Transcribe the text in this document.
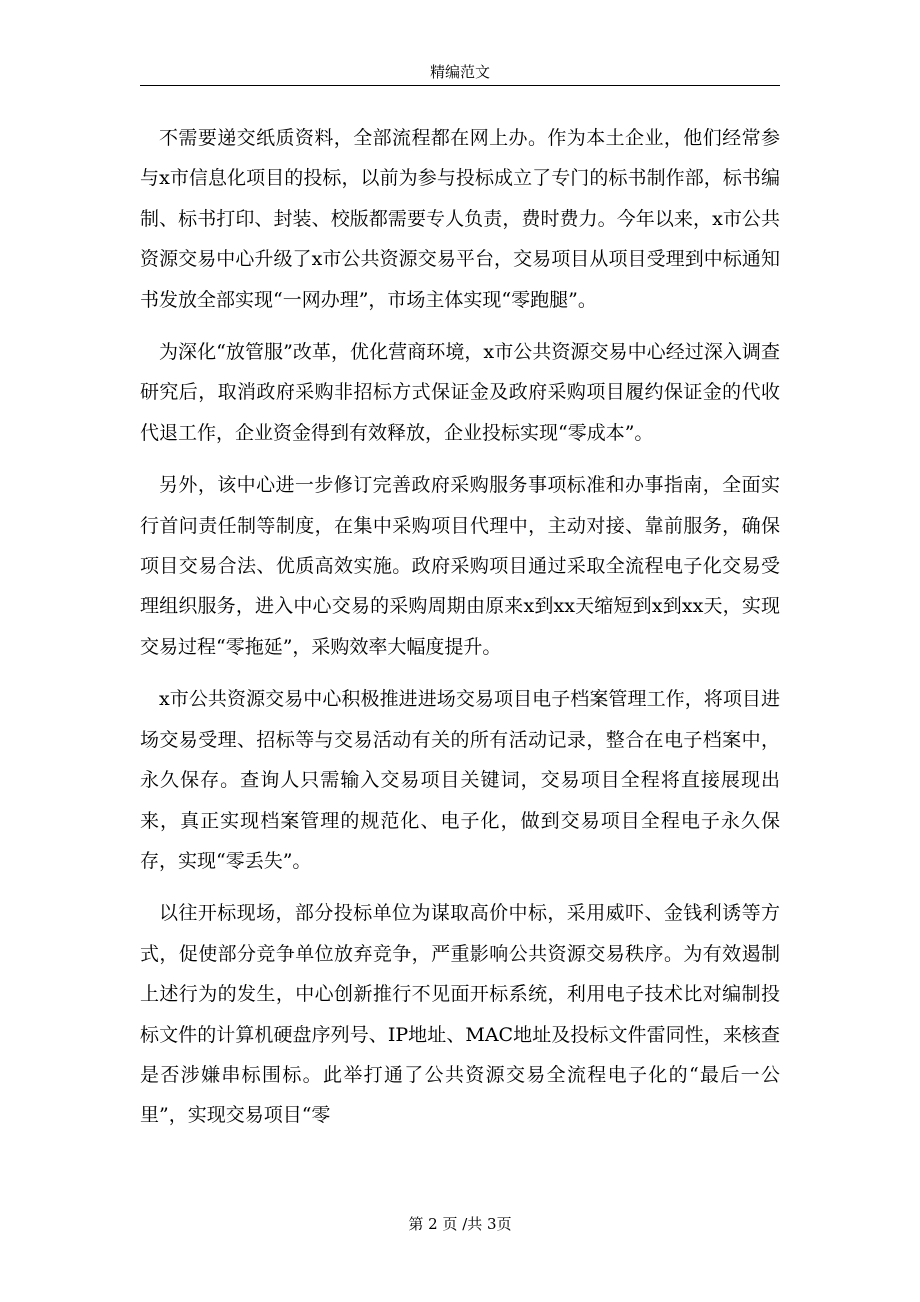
精编范文

不需要递交纸质资料，全部流程都在网上办。作为本土企业，他们经常参与x市信息化项目的投标，以前为参与投标成立了专门的标书制作部，标书编制、标书打印、封装、校版都需要专人负责，费时费力。今年以来，x市公共资源交易中心升级了x市公共资源交易平台，交易项目从项目受理到中标通知书发放全部实现“一网办理”，市场主体实现“零跑腿”。

为深化“放管服”改革，优化营商环境，x市公共资源交易中心经过深入调查研究后，取消政府采购非招标方式保证金及政府采购项目履约保证金的代收代退工作，企业资金得到有效释放，企业投标实现“零成本”。

另外，该中心进一步修订完善政府采购服务事项标准和办事指南，全面实行首问责任制等制度，在集中采购项目代理中，主动对接、靠前服务，确保项目交易合法、优质高效实施。政府采购项目通过采取全流程电子化交易受理组织服务，进入中心交易的采购周期由原来x到xx天缩短到x到xx天，实现交易过程“零拖延”，采购效率大幅度提升。

x市公共资源交易中心积极推进进场交易项目电子档案管理工作，将项目进场交易受理、招标等与交易活动有关的所有活动记录，整合在电子档案中，永久保存。查询人只需输入交易项目关键词，交易项目全程将直接展现出来，真正实现档案管理的规范化、电子化，做到交易项目全程电子永久保存，实现“零丢失”。

以往开标现场，部分投标单位为谋取高价中标，采用威吓、金钱利诱等方式，促使部分竞争单位放弃竞争，严重影响公共资源交易秩序。为有效遏制上述行为的发生，中心创新推行不见面开标系统，利用电子技术比对编制投标文件的计算机硬盘序列号、IP地址、MAC地址及投标文件雷同性，来核查是否涉嫌串标围标。此举打通了公共资源交易全流程电子化的“最后一公里”，实现交易项目“零

第 2 页 /共 3页
